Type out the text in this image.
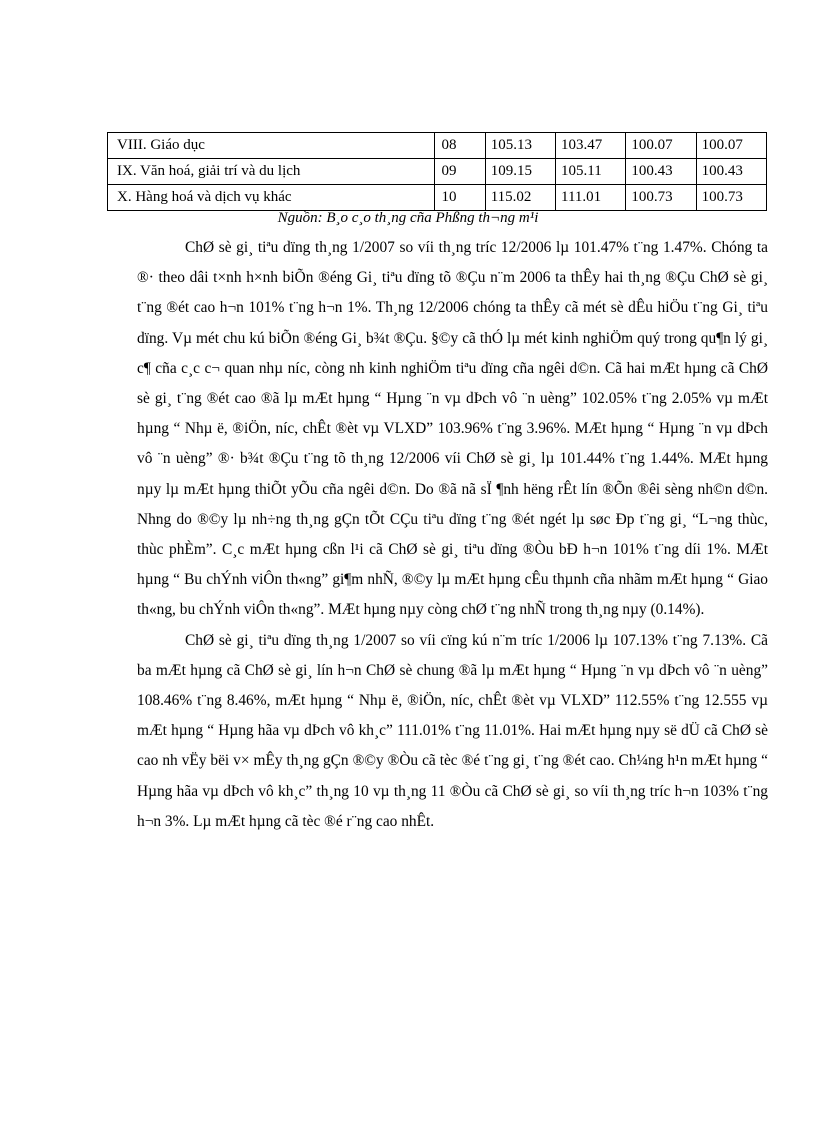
VIII. Giáo dục	08	105.13	103.47	100.07	100.07
IX. Văn hoá, giải trí và du lịch	09	109.15	105.11	100.43	100.43
X. Hàng hoá và dịch vụ khác	10	115.02	111.01	100.73	100.73
Nguồn: B¸o c¸o th¸ng cña Phßng th¬ng m¹i

ChØ sè gi¸ tiªu dïng th¸ng 1/2007 so víi th¸ng tríc 12/2006 lµ 101.47% t¨ng 1.47%. Chóng ta ®· theo dâi t×nh h×nh biÕn ®éng Gi¸ tiªu dïng tõ ®Çu n¨m 2006 ta thÊy hai th¸ng ®Çu ChØ sè gi¸ t¨ng ®ét cao h¬n 101% t¨ng h¬n 1%. Th¸ng 12/2006 chóng ta thÊy cã mét sè dÊu hiÖu t¨ng Gi¸ tiªu dïng. Vµ mét chu kú biÕn ®éng Gi¸ b¾t ®Çu. §©y cã thÓ lµ mét kinh nghiÖm quý trong qu¶n lý gi¸ c¶ cña c¸c c¬ quan nhµ níc, còng nh kinh nghiÖm tiªu dïng cña ngêi d©n. Cã hai mÆt hµng cã ChØ sè gi¸ t¨ng ®ét cao ®ã lµ mÆt hµng “ Hµng ¨n vµ dÞch vô ¨n uèng” 102.05% t¨ng 2.05% vµ mÆt hµng “ Nhµ ë, ®iÖn, níc, chÊt ®èt vµ VLXD” 103.96% t¨ng 3.96%. MÆt hµng “ Hµng ¨n vµ dÞch vô ¨n uèng” ®· b¾t ®Çu t¨ng tõ th¸ng 12/2006 víi ChØ sè gi¸ lµ 101.44% t¨ng 1.44%. MÆt hµng nµy lµ mÆt hµng thiÕt yÕu cña ngêi d©n. Do ®ã nã sÏ ¶nh hëng rÊt lín ®Õn ®êi sèng nh©n d©n. Nhng do ®©y lµ nh÷ng th¸ng gÇn tÕt CÇu tiªu dïng t¨ng ®ét ngét lµ søc Ðp t¨ng gi¸ “L¬ng thùc, thùc phÈm”. C¸c mÆt hµng cßn l¹i cã ChØ sè gi¸ tiªu dïng ®Òu bÐ h¬n 101% t¨ng díi 1%. MÆt hµng “ Bu chÝnh viÔn th«ng” gi¶m nhÑ, ®©y lµ mÆt hµng cÊu thµnh cña nhãm mÆt hµng “ Giao th«ng, bu chÝnh viÔn th«ng”. MÆt hµng nµy còng chØ t¨ng nhÑ trong th¸ng nµy (0.14%).

ChØ sè gi¸ tiªu dïng th¸ng 1/2007 so víi cïng kú n¨m tríc 1/2006 lµ 107.13% t¨ng 7.13%. Cã ba mÆt hµng cã ChØ sè gi¸ lín h¬n ChØ sè chung ®ã lµ mÆt hµng “ Hµng ¨n vµ dÞch vô ¨n uèng” 108.46% t¨ng 8.46%, mÆt hµng “ Nhµ ë, ®iÖn, níc, chÊt ®èt vµ VLXD” 112.55% t¨ng 12.555 vµ mÆt hµng “ Hµng hãa vµ dÞch vô kh¸c” 111.01% t¨ng 11.01%. Hai mÆt hµng nµy së dÜ cã ChØ sè cao nh vËy bëi v× mÊy th¸ng gÇn ®©y ®Òu cã tèc ®é t¨ng gi¸ t¨ng ®ét cao. Ch¼ng h¹n mÆt hµng “ Hµng hãa vµ dÞch vô kh¸c” th¸ng 10 vµ th¸ng 11 ®Òu cã ChØ sè gi¸ so víi th¸ng tríc h¬n 103% t¨ng h¬n 3%. Lµ mÆt hµng cã tèc ®é r¨ng cao nhÊt.
